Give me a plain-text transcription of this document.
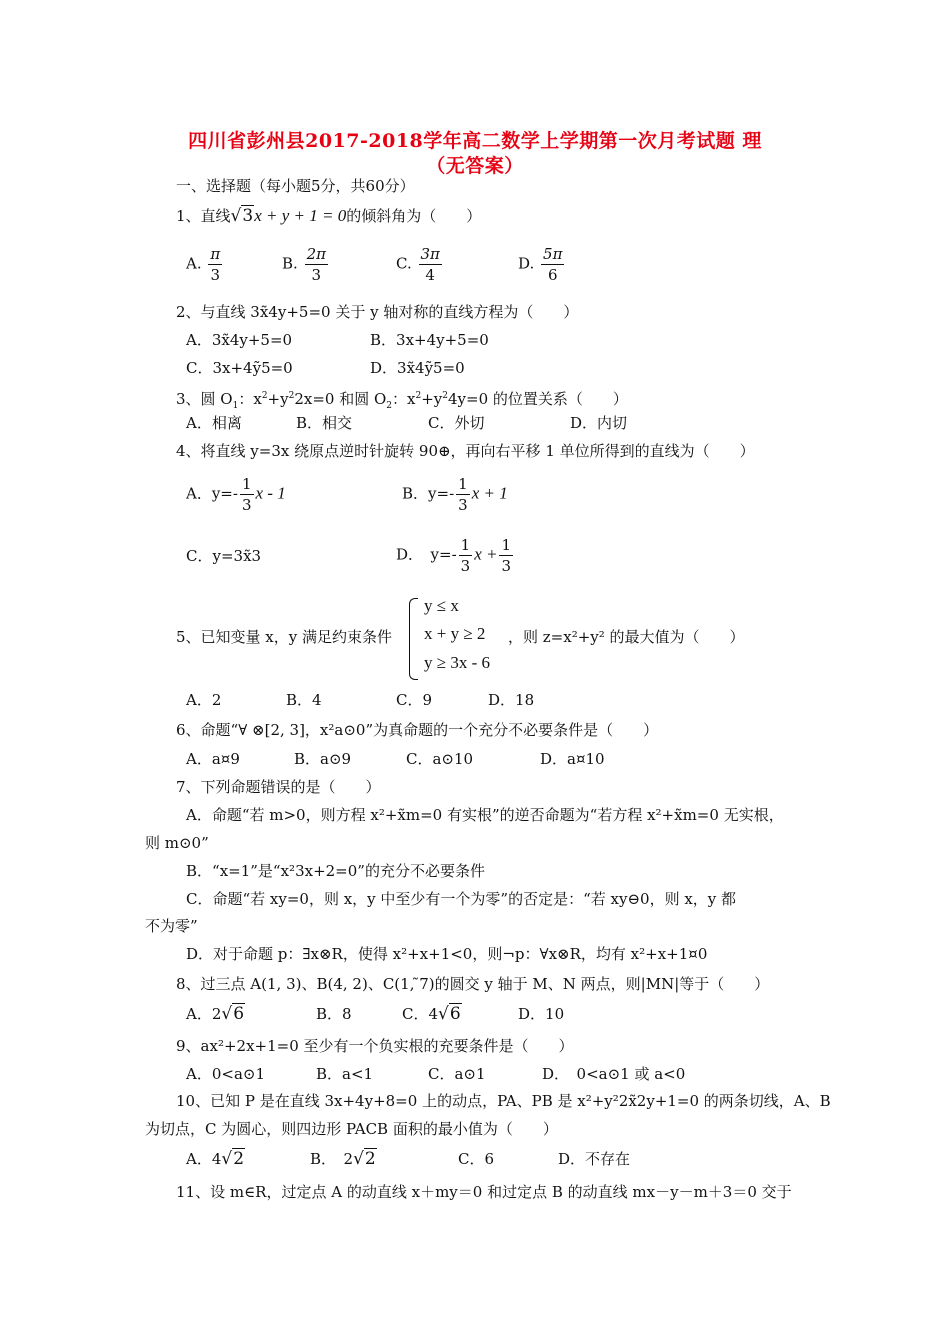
四川省彭州县2017-2018学年高二数学上学期第一次月考试题 理
（无答案）
一、选择题（每小题5分，共60分）
1、直线√3x + y + 1 = 0的倾斜角为（　　）
A. $\frac{\pi}{3}$	B. $\frac{2\pi}{3}$	C. $\frac{3\pi}{4}$	D. $\frac{5\pi}{6}$
2、与直线 3x̃4y+5=0 关于 y 轴对称的直线方程为（　　）
A．3x̃4y+5=0	B．3x+4y+5=0
C．3x+4ỹ5=0	D．3x̃4ỹ5=0
3、圆 $O_1$：$x^2+y^22x=0$ 和圆 $O_2$：$x^2+y^24y=0$ 的位置关系（　　）
A．相离	B．相交	C．外切	D．内切
4、将直线 y=3x 绕原点逆时针旋转 90⊕，再向右平移 1 单位所得到的直线为（　　）
A．$y=- \frac{1}{3}$ x - 1	B．$y=- \frac{1}{3}$ x + 1
C．y=3x̃3	D．　$y=- \frac{1}{3}$ $x + \frac{1}{3}$
5、已知变量 x，y 满足约束条件
y ≤ x
x + y ≥ 2
y ≥ 3x - 6
，则 z=x²+y² 的最大值为（　　）
A．2	B．4	C．9	D．18
6、命题“∀ ⊗[2, 3]，x²a⊙0”为真命题的一个充分不必要条件是（　　）
A．a¤9	B．a⊙9	C．a⊙10	D．a¤10
7、下列命题错误的是（　　）
A．命题“若 m>0，则方程 x²+x̃m=0 有实根”的逆否命题为“若方程 x²+x̃m=0 无实根，
则 m⊙0”
B．“x=1”是“x²3x+2=0”的充分不必要条件
C．命题“若 xy=0，则 x，y 中至少有一个为零”的否定是：“若 xy⊖0，则 x，y 都
不为零”
D．对于命题 p：∃x⊗R，使得 x²+x+1<0，则¬p：∀x⊗R，均有 x²+x+1¤0
8、过三点 A(1, 3)、B(4, 2)、C(1, ̃7)的圆交 y 轴于 M、N 两点，则|MN|等于（　　）
A．2√6	B．8	C．4√6	D．10
9、ax²+2x+1=0 至少有一个负实根的充要条件是（　　）
A．0<a⊙1	B．a<1	C．a⊙1	D．　0<a⊙1 或 a<0
10、已知 P 是在直线 3x+4y+8=0 上的动点，PA、PB 是 x²+y²2x̃2y+1=0 的两条切线，A、B
为切点，C 为圆心，则四边形 PACB 面积的最小值为（　　）
A．4√2	B．　2√2	C．6	D．不存在
11、设 m∈R，过定点 A 的动直线 x＋my＝0 和过定点 B 的动直线 mx－y－m＋3＝0 交于
